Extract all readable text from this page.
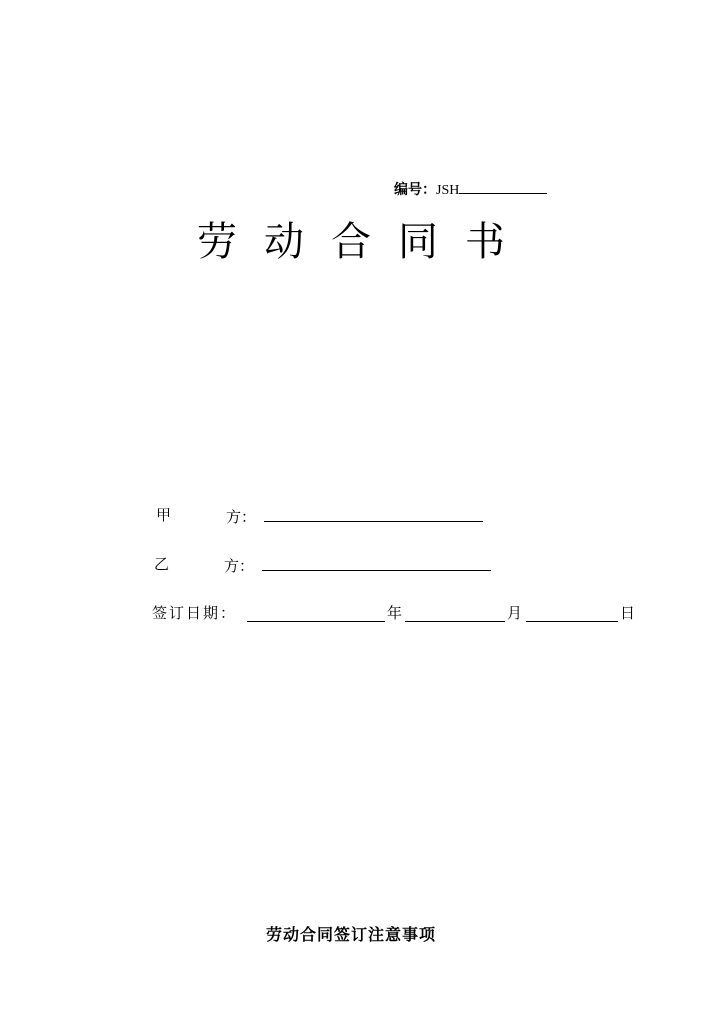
编号：JSH
劳动合同书
甲	方：
乙	方：
签订日期：	年	月	日
劳动合同签订注意事项
